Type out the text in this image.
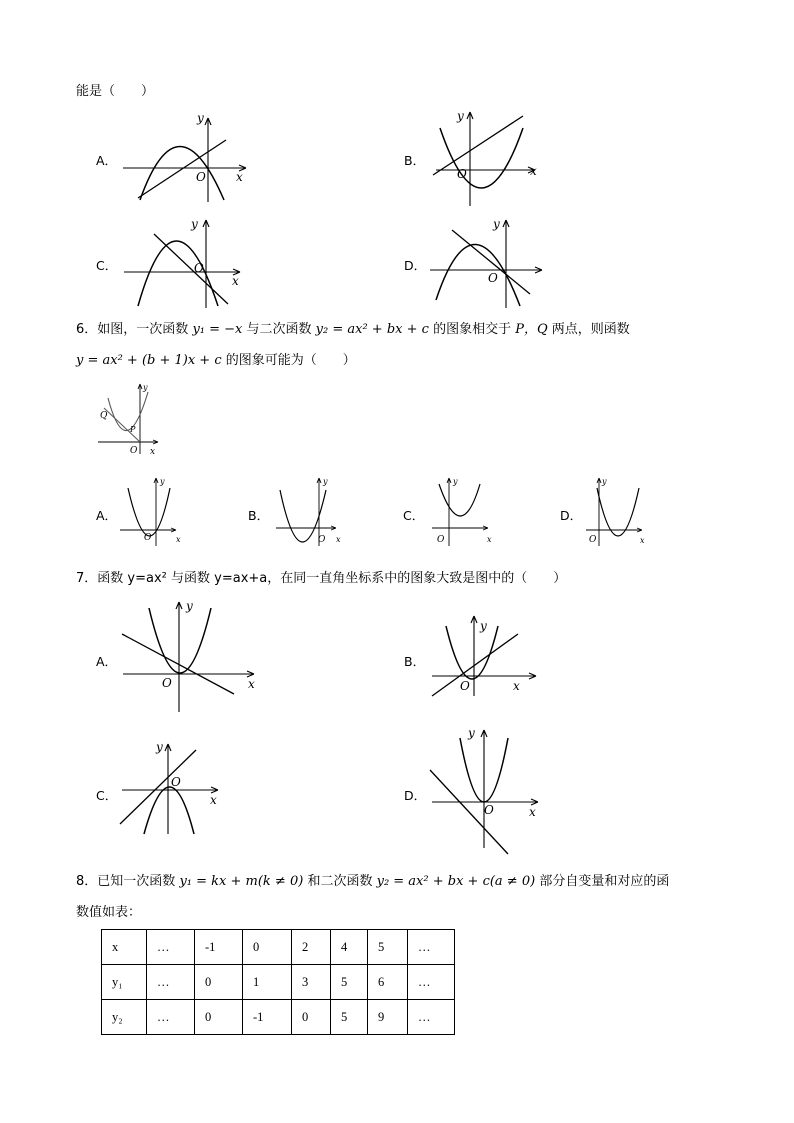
能是（　　）
A．
y
x
O
B．
y
x
O
C．
y
x
O	D．
y
O
6．如图，一次函数 y₁ = −x 与二次函数 y₂ = ax² + bx + c 的图象相交于 P，Q 两点，则函数
y = ax² + (b + 1)x + c 的图象可能为（　　）
y
Q
P
O x
A．
y
O	x
B．
y
O x
C．
y
O	x
D．
y
O	x
7．函数 y=ax² 与函数 y=ax+a，在同一直角坐标系中的图象大致是图中的（　　）
A．
y
x
O
B．
y
x
O
C．
y
x
O
D．
y
x
O
8．已知一次函数 y₁ = kx + m(k ≠ 0) 和二次函数 y₂ = ax² + bx + c(a ≠ 0) 部分自变量和对应的函
数值如表：
x	…	-1	0	2	4	5	…
y₁	…	0	1	3	5	6	…
y₂	…	0	-1	0	5	9	…
